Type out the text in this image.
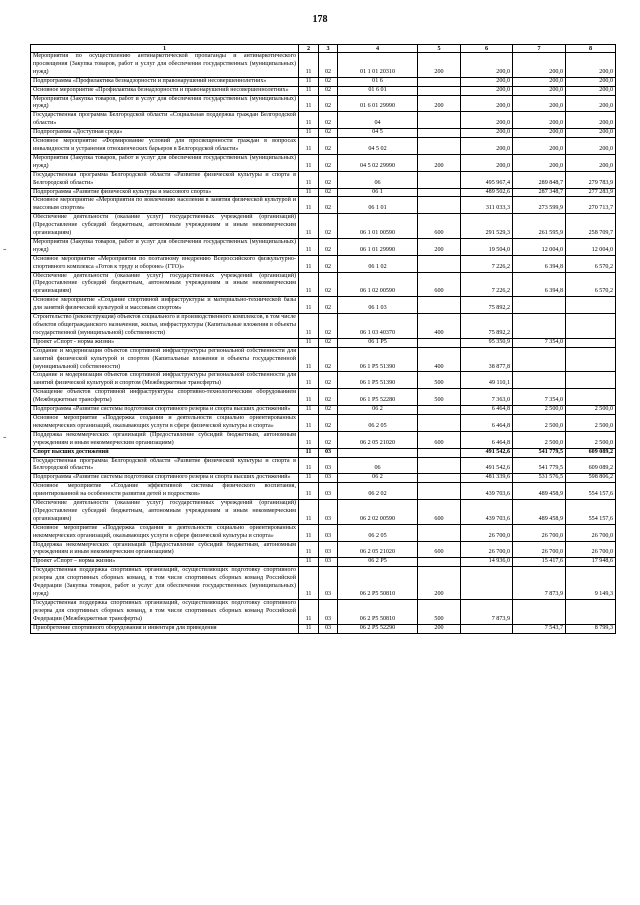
178
-
-
1	2	3	4	5	6	7	8
Мероприятия по осуществлению антинаркотической пропаганды и антинаркотического просвещения (Закупка товаров, работ и услуг для обеспечения государственных (муниципальных) нужд)	11	02	01 1 01 20310	200	200,0	200,0	200,0
Подпрограмма «Профилактика безнадзорности и правонарушений несовершеннолетних»	11	02	01 6		200,0	200,0	200,0
Основное мероприятие «Профилактика безнадзорности и правонарушений несовершеннолетних»	11	02	01 6 01		200,0	200,0	200,0
Мероприятия (Закупка товаров, работ и услуг для обеспечения государственных (муниципальных) нужд)	11	02	01 6 01 29990	200	200,0	200,0	200,0
Государственная программа Белгородской области «Социальная поддержка граждан Белгородской области»	11	02	04		200,0	200,0	200,0
Подпрограмма «Доступная среда»	11	02	04 5		200,0	200,0	200,0
Основное мероприятие «Формирование условий для просвещенности граждан в вопросах инвалидности и устранения отношенческих барьеров в Белгородской области»	11	02	04 5 02		200,0	200,0	200,0
Мероприятия (Закупка товаров, работ и услуг для обеспечения государственных (муниципальных) нужд)	11	02	04 5 02 29990	200	200,0	200,0	200,0
Государственная программа Белгородской области «Развитие физической культуры и спорта в Белгородской области»	11	02	06		495 967,4	289 848,7	279 783,9
Подпрограмма «Развитие физической культуры и массового спорта»	11	02	06 1		489 502,6	287 348,7	277 283,9
Основное мероприятие «Мероприятия по вовлечению населения в занятия физической культурой и массовым спортом»	11	02	06 1 01		311 033,3	273 599,9	270 713,7
Обеспечение деятельности (оказание услуг) государственных учреждений (организаций) (Предоставление субсидий бюджетным, автономным учреждениям и иным некоммерческим организациям)	11	02	06 1 01 00590	600	291 529,3	261 595,9	258 709,7
Мероприятия (Закупка товаров, работ и услуг для обеспечения государственных (муниципальных) нужд)	11	02	06 1 01 29990	200	19 504,0	12 004,0	12 004,0
Основное мероприятие «Мероприятия по поэтапному внедрению Всероссийского физкультурно-спортивного комплекса «Готов к труду и обороне» (ГТО)»	11	02	06 1 02		7 226,2	6 394,8	6 570,2
Обеспечение деятельности (оказание услуг) государственных учреждений (организаций) (Предоставление субсидий бюджетным, автономным учреждениям и иным некоммерческим организациям)	11	02	06 1 02 00590	600	7 226,2	6 394,8	6 570,2
Основное мероприятие «Создание спортивной инфраструктуры и материально-технической базы для занятий физической культурой и массовым спортом»	11	02	06 1 03		75 892,2		
Строительство (реконструкция) объектов социального и производственного комплексов, в том числе объектов общегражданского назначения, жилья, инфраструктуры (Капитальные вложения в объекты государственной (муниципальной) собственности)	11	02	06 1 03 40370	400	75 892,2		
Проект «Спорт - норма жизни»	11	02	06 1 P5		95 350,9	7 354,0	
Создание и модернизация объектов спортивной инфраструктуры региональной собственности для занятий физической культурой и спортом (Капитальные вложения в объекты государственной (муниципальной) собственности)	11	02	06 1 P5 51390	400	38 877,8		
Создание и модернизация объектов спортивной инфраструктуры региональной собственности для занятий физической культурой и спортом (Межбюджетные трансферты)	11	02	06 1 P5 51390	500	49 110,1		
Оснащение объектов спортивной инфраструктуры спортивно-технологическим оборудованием (Межбюджетные трансферты)	11	02	06 1 P5 52280	500	7 363,0	7 354,0	
Подпрограмма «Развитие системы подготовки спортивного резерва и спорта высших достижений»	11	02	06 2		6 464,8	2 500,0	2 500,0
Основное мероприятие «Поддержка создания и деятельности социально ориентированных некоммерческих организаций, оказывающих услуги в сфере физической культуры и спорта»	11	02	06 2 05		6 464,8	2 500,0	2 500,0
Поддержка некоммерческих организаций (Предоставление субсидий бюджетным, автономным учреждениям и иным некоммерческим организациям)	11	02	06 2 05 21020	600	6 464,8	2 500,0	2 500,0
Спорт высших достижений	11	03			491 542,6	541 779,5	609 089,2
Государственная программа Белгородской области «Развитие физической культуры и спорта в Белгородской области»	11	03	06		491 542,6	541 779,5	609 089,2
Подпрограмма «Развитие системы подготовки спортивного резерва и спорта высших достижений»	11	03	06 2		481 339,6	531 576,5	598 806,2
Основное мероприятие «Создание эффективной системы физического воспитания, ориентированной на особенности развития детей и подростков»	11	03	06 2 02		439 703,6	489 458,9	554 157,6
Обеспечение деятельности (оказание услуг) государственных учреждений (организаций) (Предоставление субсидий бюджетным, автономным учреждениям и иным некоммерческим организациям)	11	03	06 2 02 00590	600	439 703,6	489 458,9	554 157,6
Основное мероприятие «Поддержка создания и деятельности социально ориентированных некоммерческих организаций, оказывающих услуги в сфере физической культуры и спорта»	11	03	06 2 05		26 700,0	26 700,0	26 700,0
Поддержка некоммерческих организаций (Предоставление субсидий бюджетным, автономным учреждениям и иным некоммерческим организациям)	11	03	06 2 05 21020	600	26 700,0	26 700,0	26 700,0
Проект «Спорт – норма жизни»	11	03	06 2 P5		14 936,0	15 417,6	17 948,6
Государственная поддержка спортивных организаций, осуществляющих подготовку спортивного резерва для спортивных сборных команд, в том числе спортивных сборных команд Российской Федерации (Закупка товаров, работ и услуг для обеспечения государственных (муниципальных) нужд)	11	03	06 2 P5 50810	200		7 873,9	9 149,3
Государственная поддержка спортивных организаций, осуществляющих подготовку спортивного резерва для спортивных сборных команд, в том числе спортивных сборных команд Российской Федерации (Межбюджетные трансферты)	11	03	06 2 P5 50810	500	7 873,9		
Приобретение спортивного оборудования и инвентаря для приведения	11	03	06 2 P5 52290	200		7 543,7	8 799,3
